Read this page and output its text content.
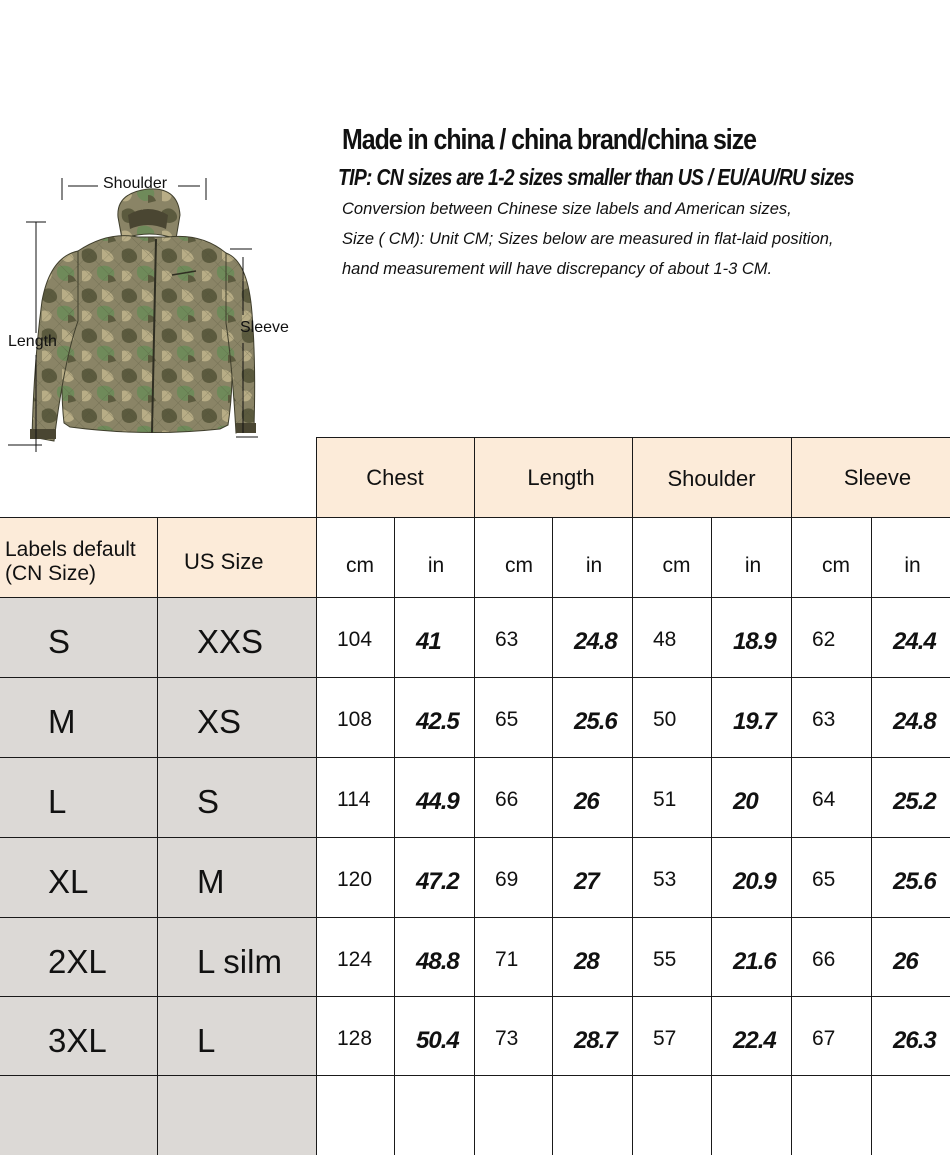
Made in china / china brand/china size

TIP: CN sizes are 1-2 sizes smaller than US / EU/AU/RU sizes

Conversion between Chinese size labels and American sizes,

Size ( CM): Unit CM; Sizes below are measured in flat-laid position,

hand measurement will have discrepancy of about 1-3 CM.

Shoulder
Length
Sleeve
Chest	Length	Shoulder	Sleeve
Labels default (CN Size)	US Size	cm	in	cm	in	cm	in	cm	in
S	XXS	104	41	63	24.8	48	18.9	62	24.4
M	XS	108	42.5	65	25.6	50	19.7	63	24.8
L	S	114	44.9	66	26	51	20	64	25.2
XL	M	120	47.2	69	27	53	20.9	65	25.6
2XL	L silm	124	48.8	71	28	55	21.6	66	26
3XL	L	128	50.4	73	28.7	57	22.4	67	26.3
